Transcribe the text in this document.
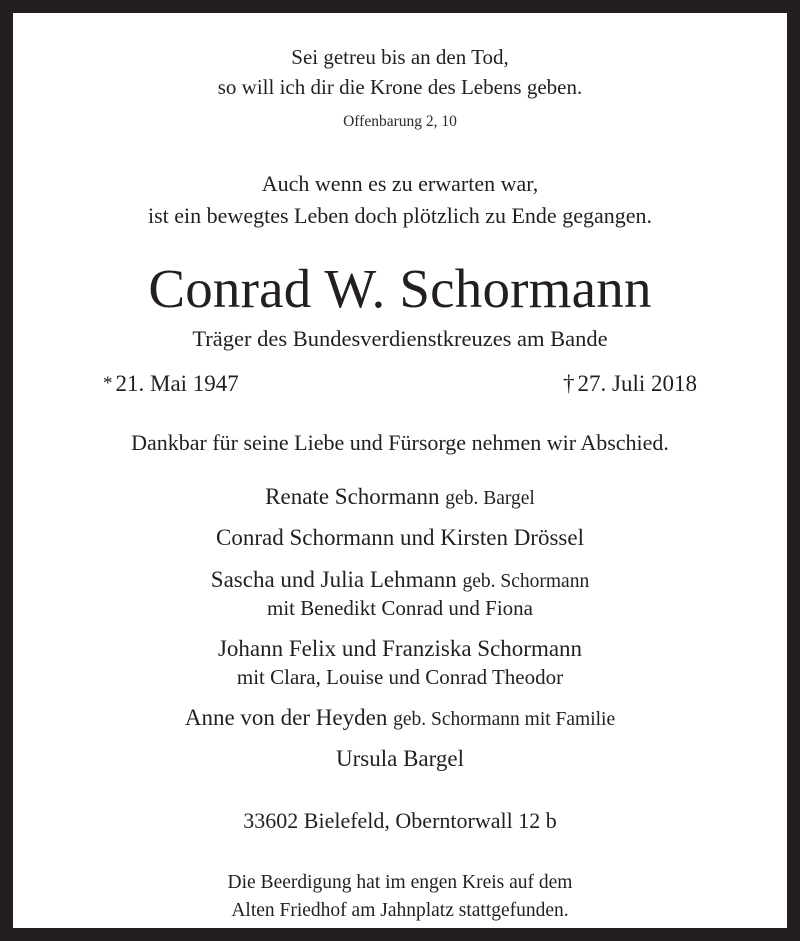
Sei getreu bis an den Tod,
so will ich dir die Krone des Lebens geben.
Offenbarung 2, 10
Auch wenn es zu erwarten war,
ist ein bewegtes Leben doch plötzlich zu Ende gegangen.
Conrad W. Schormann
Träger des Bundesverdienstkreuzes am Bande
* 21. Mai 1947	† 27. Juli 2018
Dankbar für seine Liebe und Fürsorge nehmen wir Abschied.
Renate Schormann geb. Bargel
Conrad Schormann und Kirsten Drössel
Sascha und Julia Lehmann geb. Schormann
mit Benedikt Conrad und Fiona
Johann Felix und Franziska Schormann
mit Clara, Louise und Conrad Theodor
Anne von der Heyden geb. Schormann mit Familie
Ursula Bargel
33602 Bielefeld, Oberntorwall 12 b
Die Beerdigung hat im engen Kreis auf dem
Alten Friedhof am Jahnplatz stattgefunden.
